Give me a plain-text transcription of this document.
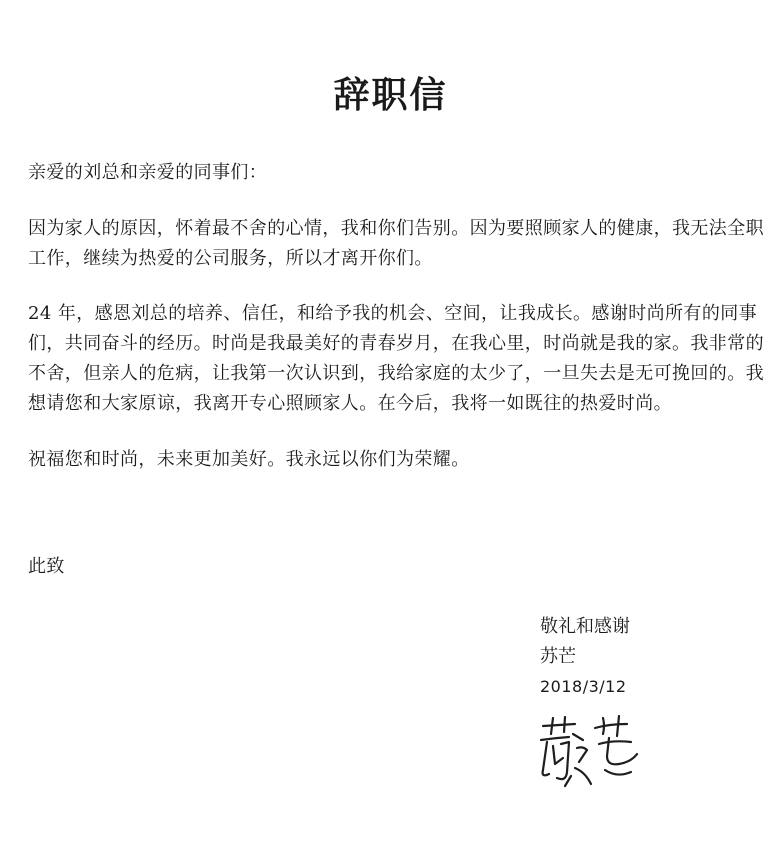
辞职信
亲爱的刘总和亲爱的同事们：
因为家人的原因，怀着最不舍的心情，我和你们告别。因为要照顾家人的健康，我无法全职
工作，继续为热爱的公司服务，所以才离开你们。
24 年，感恩刘总的培养、信任，和给予我的机会、空间，让我成长。感谢时尚所有的同事
们，共同奋斗的经历。时尚是我最美好的青春岁月，在我心里，时尚就是我的家。我非常的
不舍，但亲人的危病，让我第一次认识到，我给家庭的太少了，一旦失去是无可挽回的。我
想请您和大家原谅，我离开专心照顾家人。在今后，我将一如既往的热爱时尚。
祝福您和时尚，未来更加美好。我永远以你们为荣耀。
此致
敬礼和感谢
苏芒
2018/3/12
